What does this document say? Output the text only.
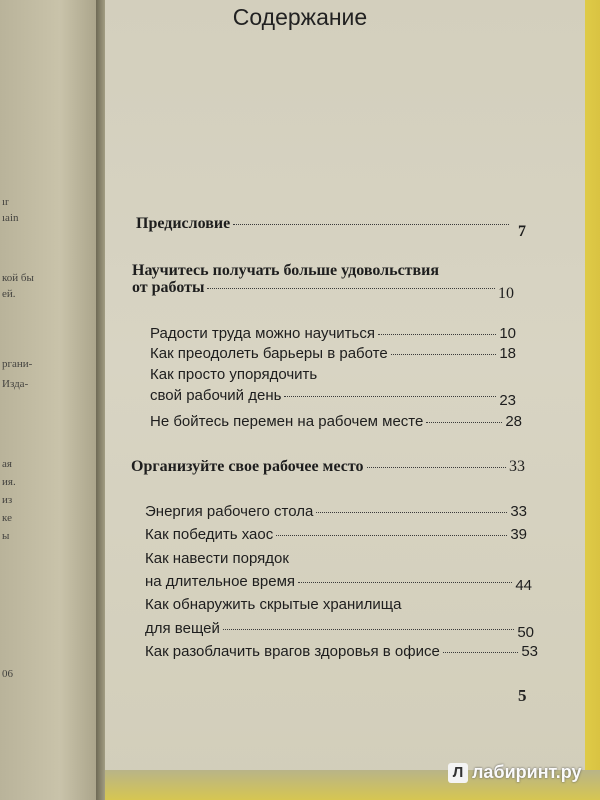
ır
ıain
кой бы
ей.
ргани-
Изда-
ая
ия.
из
ке
ы
06
Содержание
Предисловие	7
Научитесь получать больше удовольствия
от работы	10
Радости труда можно научиться	10
Как преодолеть барьеры в работе	18
Как просто упорядочить
свой рабочий день	23
Не бойтесь перемен на рабочем месте	28
Организуйте свое рабочее место	33
Энергия рабочего стола	33
Как победить хаос	39
Как навести порядок
на длительное время	44
Как обнаружить скрытые хранилища
для вещей	50
Как разоблачить врагов здоровья в офисе	53
5
Л лабиринт.ру
